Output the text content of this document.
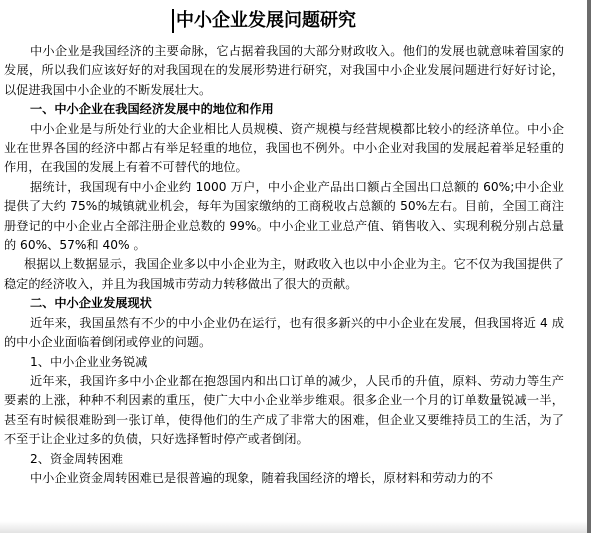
中小企业发展问题研究

中小企业是我国经济的主要命脉，它占据着我国的大部分财政收入。他们的发展也就意味着国家的发展，所以我们应该好好的对我国现在的发展形势进行研究，对我国中小企业发展问题进行好好讨论，以促进我国中小企业的不断发展壮大。

一、中小企业在我国经济发展中的地位和作用

中小企业是与所处行业的大企业相比人员规模、资产规模与经营规模都比较小的经济单位。中小企业在世界各国的经济中都占有举足轻重的地位，我国也不例外。中小企业对我国的发展起着举足轻重的作用，在我国的发展上有着不可替代的地位。

据统计，我国现有中小企业约 1000 万户，中小企业产品出口额占全国出口总额的 60%;中小企业提供了大约 75%的城镇就业机会，每年为国家缴纳的工商税收占总额的 50%左右。目前，全国工商注册登记的中小企业占全部注册企业总数的 99%。中小企业工业总产值、销售收入、实现利税分别占总量的 60%、57%和 40% 。

根据以上数据显示，我国企业多以中小企业为主，财政收入也以中小企业为主。它不仅为我国提供了稳定的经济收入，并且为我国城市劳动力转移做出了很大的贡献。

二、中小企业发展现状

近年来，我国虽然有不少的中小企业仍在运行，也有很多新兴的中小企业在发展，但我国将近 4 成的中小企业面临着倒闭或停业的问题。

1、中小企业业务锐减

近年来，我国许多中小企业都在抱怨国内和出口订单的减少，人民币的升值，原料、劳动力等生产要素的上涨，种种不利因素的重压，使广大中小企业举步维艰。很多企业一个月的订单数量锐减一半，甚至有时候很难盼到一张订单，使得他们的生产成了非常大的困难，但企业又要维持员工的生活，为了不至于让企业过多的负债，只好选择暂时停产或者倒闭。

2、资金周转困难

中小企业资金周转困难已是很普遍的现象，随着我国经济的增长，原材料和劳动力的不
